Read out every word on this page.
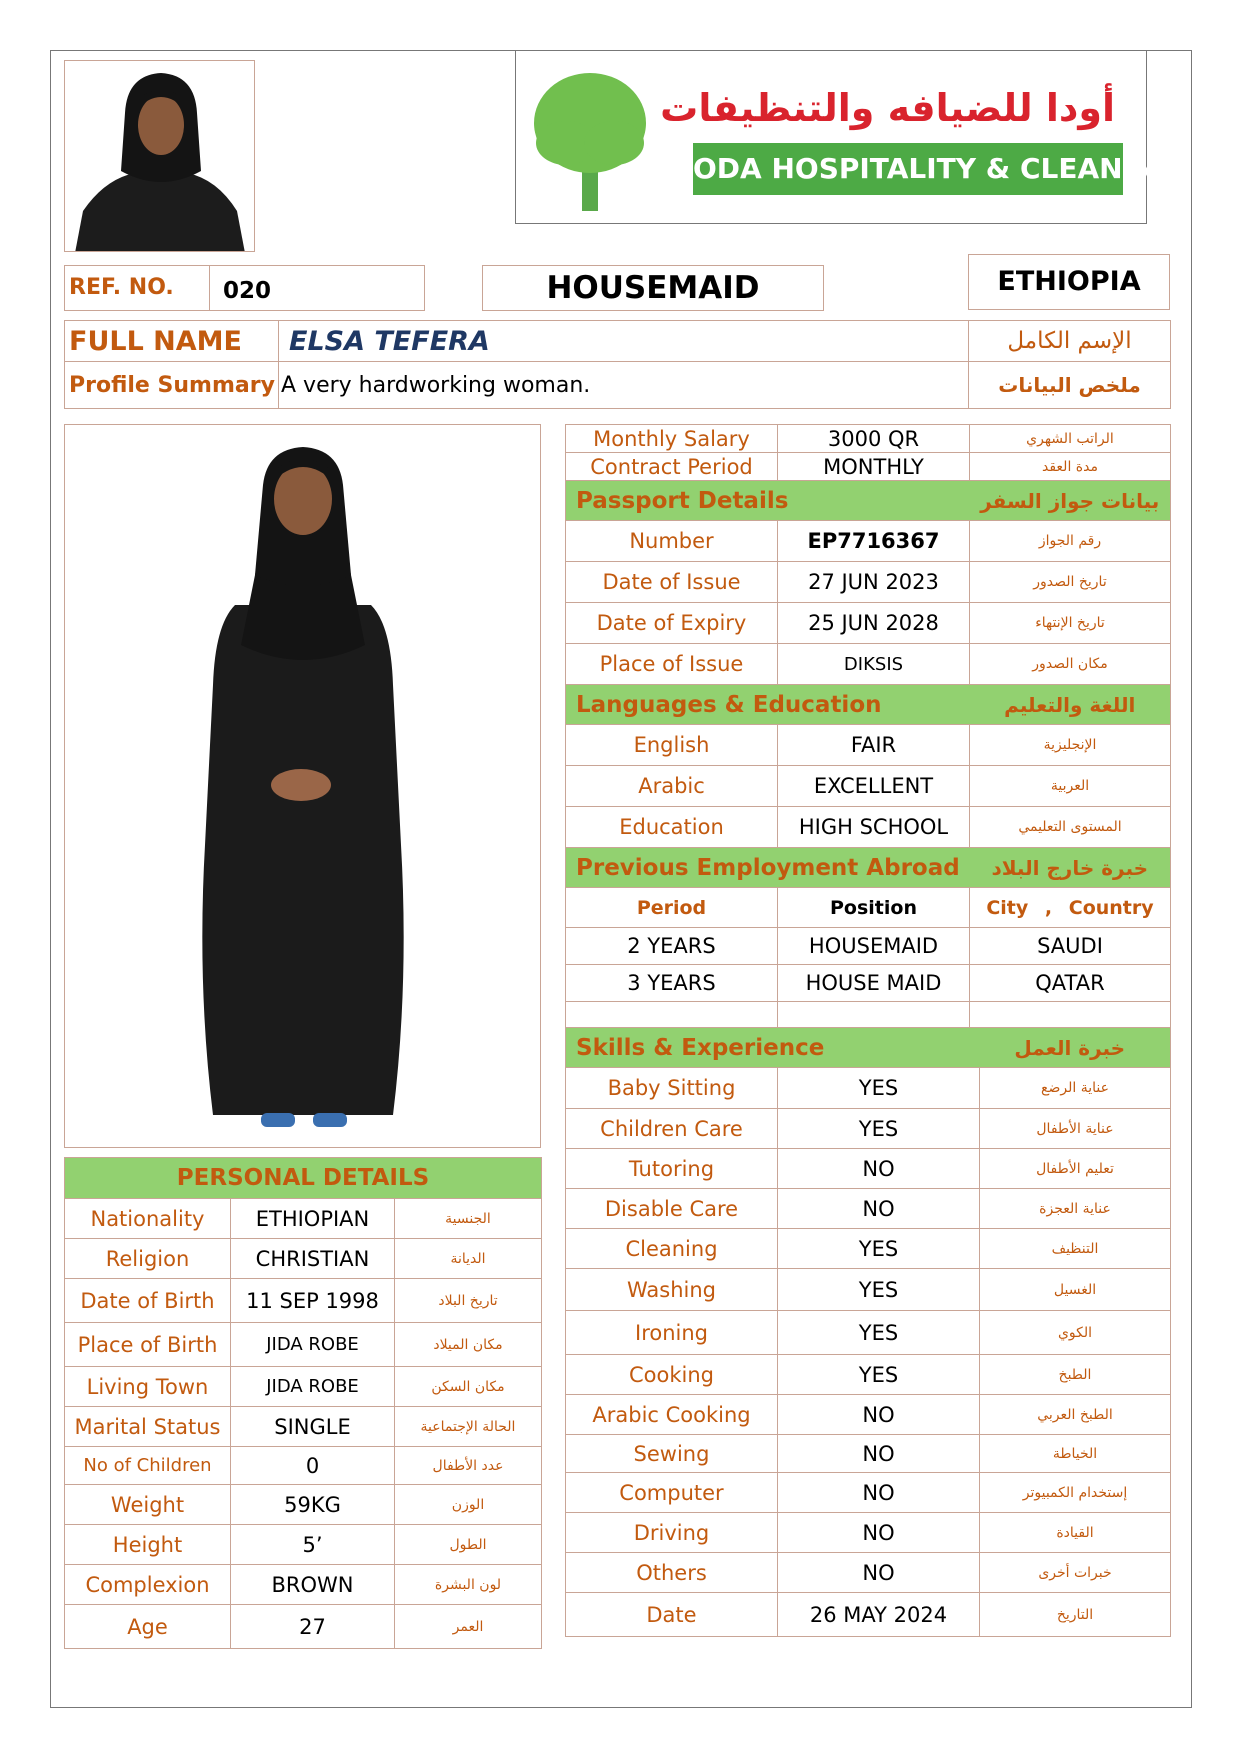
أودا للضيافه والتنظيفات
ODA HOSPITALITY & CLEANING
REF. NO.	020	HOUSEMAID	ETHIOPIA
FULL NAME	ELSA TEFERA	الإسم الكامل
Profile Summary	A very hardworking woman.	ملخص البيانات
PERSONAL DETAILS		
Nationality	ETHIOPIAN	الجنسية
Religion	CHRISTIAN	الديانة
Date of Birth	11 SEP 1998	تاريخ البلاد
Place of Birth	JIDA ROBE	مكان الميلاد
Living Town	JIDA ROBE	مكان السكن
Marital Status	SINGLE	الحالة الإجتماعية
No of Children	0	عدد الأطفال
Weight	59KG	الوزن
Height	5’	الطول
Complexion	BROWN	لون البشرة
Age	27	العمر
Monthly Salary	3000 QR	الراتب الشهري	
Contract Period	MONTHLY	مدة العقد	
Passport Details		بيانات جواز السفر	
Number	EP7716367	رقم الجواز	
Date of Issue	27 JUN 2023	تاريخ الصدور	
Date of Expiry	25 JUN 2028	تاريخ الإنتهاء	
Place of Issue	DIKSIS	مكان الصدور	
Languages & Education		اللغة والتعليم	
English	FAIR	الإنجليزية	
Arabic	EXCELLENT	العربية	
Education	HIGH SCHOOL	المستوى التعليمي	
Previous Employment Abroad		خبرة خارج البلاد	
Period	Position	City , Country	
2 YEARS	HOUSEMAID	SAUDI	
3 YEARS	HOUSE MAID	QATAR	

Skills & Experience		خبرة العمل	
Baby Sitting	YES		عناية الرضع
Children Care	YES		عناية الأطفال
Tutoring	NO		تعليم الأطفال
Disable Care	NO		عناية العجزة
Cleaning	YES		التنظيف
Washing	YES		الغسيل
Ironing	YES		الكوي
Cooking	YES		الطبخ
Arabic Cooking	NO		الطبخ العربي
Sewing	NO		الخياطة
Computer	NO		إستخدام الكمبيوتر
Driving	NO		القيادة
Others	NO		خبرات أخرى
Date	26 MAY 2024		التاريخ
